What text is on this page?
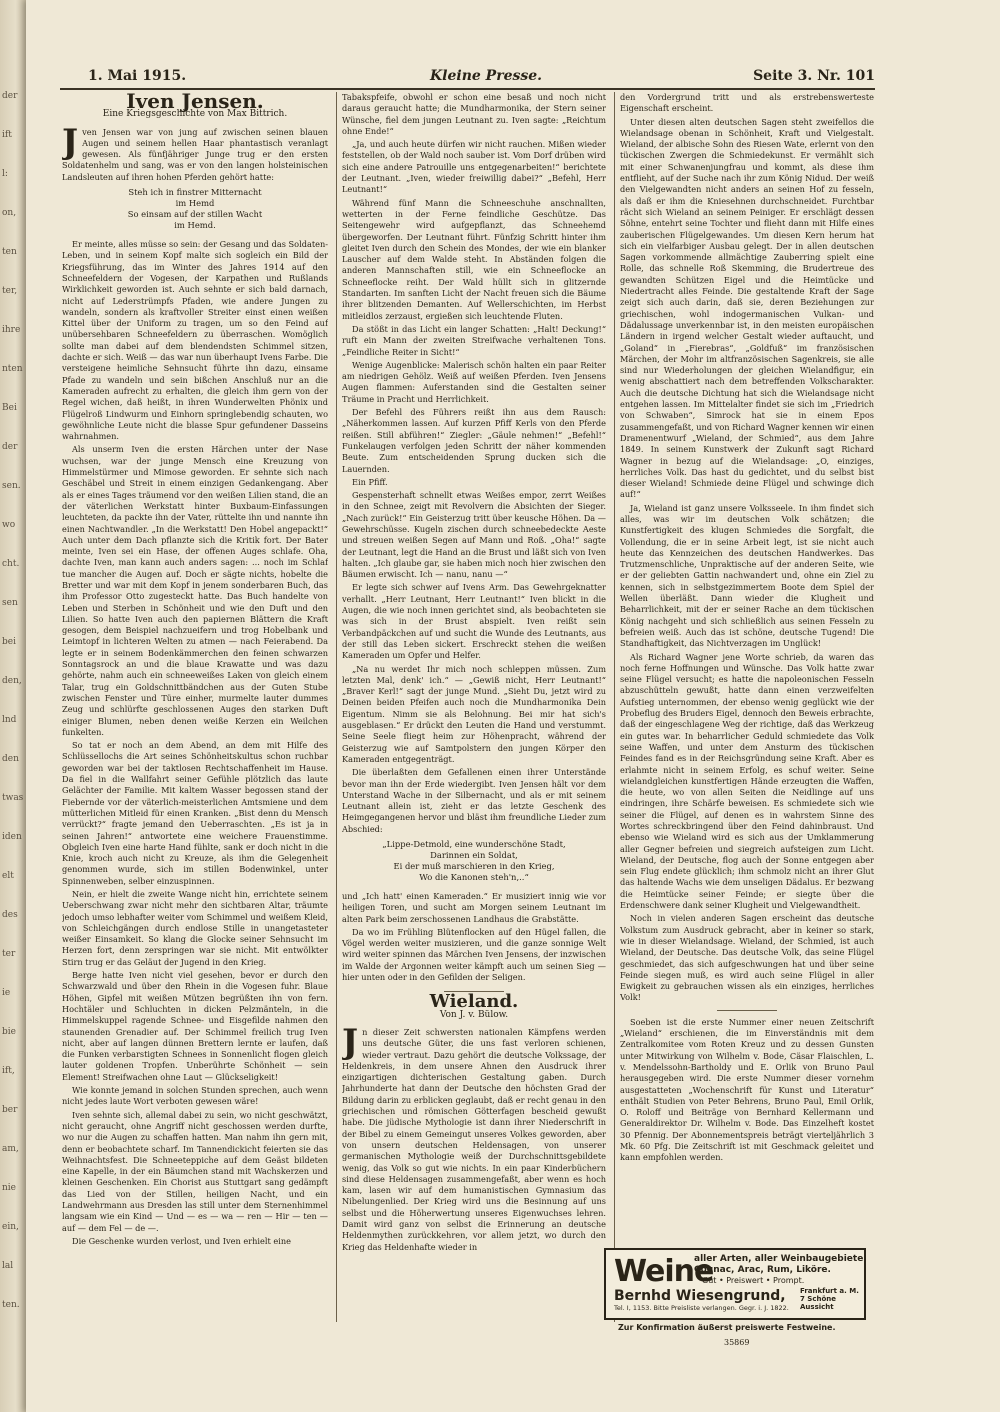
der
ift
l:
on,
ten
ter,
ihre
nten
Bei
der
sen.
wo
cht.
sen
bei
den,
lnd
den
twas
iden
elt
des
ter
ie
bie
ift,
ber
am,
nie
ein,
lal
ten.
1. Mai 1915.	Kleine Presse.	Seite 3. Nr. 101
Iven Jensen.
Eine Kriegsgeschichte von Max Bittrich.

Jven Jensen war von jung auf zwischen seinen blauen Augen und seinem hellen Haar phantastisch veranlagt gewesen. Als fünfjähriger Junge trug er den ersten Soldatenhelm und sang, was er von den langen holsteinischen Landsleuten auf ihren hohen Pferden gehört hatte:

Steh ich in finstrer Mitternacht
im Hemd
So einsam auf der stillen Wacht
im Hemd.

Er meinte, alles müsse so sein: der Gesang und das Soldaten-Leben, und in seinem Kopf malte sich sogleich ein Bild der Kriegsführung, das im Winter des Jahres 1914 auf den Schneefeldern der Vogesen, der Karpathen und Rußlands Wirklichkeit geworden ist. Auch sehnte er sich bald darnach, nicht auf Lederstrümpfs Pfaden, wie andere Jungen zu wandeln, sondern als kraftvoller Streiter einst einen weißen Kittel über der Uniform zu tragen, um so den Feind auf unübersehbaren Schneefeldern zu überraschen. Womöglich sollte man dabei auf dem blendendsten Schimmel sitzen, dachte er sich. Weiß — das war nun überhaupt Ivens Farbe. Die versteigene heimliche Sehnsucht führte ihn dazu, einsame Pfade zu wandeln und sein bißchen Anschluß nur an die Kameraden aufrecht zu erhalten, die gleich ihm gern von der Regel wichen, daß heißt, in ihren Wunderwelten Phönix und Flügelroß Lindwurm und Einhorn springlebendig schauten, wo gewöhnliche Leute nicht die blasse Spur gefundener Dasseins wahrnahmen.

Als unserm Iven die ersten Härchen unter der Nase wuchsen, war der junge Mensch eine Kreuzung von Himmelstürmer und Mimose geworden. Er sehnte sich nach Geschäbel und Streit in einem einzigen Gedankengang. Aber als er eines Tages träumend vor den weißen Lilien stand, die an der väterlichen Werkstatt hinter Buxbaum-Einfassungen leuchteten, da packte ihn der Vater, rüttelte ihn und nannte ihn einen Nachtwandler. „In die Werkstatt! Den Hobel angepackt!“ Auch unter dem Dach pflanzte sich die Kritik fort. Der Bater meinte, Iven sei ein Hase, der offenen Auges schlafe. Oha, dachte Iven, man kann auch anders sagen: ... noch im Schlaf tue mancher die Augen auf. Doch er sägte nichts, hobelte die Bretter und war mit dem Kopf in jenem sonderbaren Buch, das ihm Professor Otto zugesteckt hatte. Das Buch handelte von Leben und Sterben in Schönheit und wie den Duft und den Lilien. So hatte Iven auch den papiernen Blättern die Kraft gesogen, dem Beispiel nachzueifern und trog Hobelbank und Leimtopf in lichteren Welten zu atmen — nach Feierabend. Da legte er in seinem Bodenkämmerchen den feinen schwarzen Sonntagsrock an und die blaue Krawatte und was dazu gehörte, nahm auch ein schneeweißes Laken von gleich einem Talar, trug ein Goldschnittbändchen aus der Guten Stube zwischen Fenster und Türe einher, murmelte lauter dummes Zeug und schlürfte geschlossenen Auges den starken Duft einiger Blumen, neben denen weiße Kerzen ein Weilchen funkelten.

So tat er noch an dem Abend, an dem mit Hilfe des Schlüssellochs die Art seines Schönheitskultus schon ruchbar geworden war bei der taktlosen Rechtschaffenheit im Hause. Da fiel in die Wallfahrt seiner Gefühle plötzlich das laute Gelächter der Familie. Mit kaltem Wasser begossen stand der Fiebernde vor der väterlich-meisterlichen Amtsmiene und dem mütterlichen Mitleid für einen Kranken. „Bist denn du Mensch verrückt?“ fragte jemand den Ueberraschten. „Es ist ja in seinen Jahren!“ antwortete eine weichere Frauenstimme. Obgleich Iven eine harte Hand fühlte, sank er doch nicht in die Knie, kroch auch nicht zu Kreuze, als ihm die Gelegenheit genommen wurde, sich im stillen Bodenwinkel, unter Spinnenweben, selber einzuspinnen.

Nein, er hielt die zweite Wange nicht hin, errichtete seinem Ueberschwang zwar nicht mehr den sichtbaren Altar, träumte jedoch umso lebhafter weiter vom Schimmel und weißem Kleid, von Schleichgängen durch endlose Stille in unangetasteter weißer Einsamkeit. So klang die Glocke seiner Sehnsucht im Herzen fort, denn zerspringen war sie nicht. Mit entwölkter Stirn trug er das Geläut der Jugend in den Krieg.

Berge hatte Iven nicht viel gesehen, bevor er durch den Schwarzwald und über den Rhein in die Vogesen fuhr. Blaue Höhen, Gipfel mit weißen Mützen begrüßten ihn von fern. Hochtäler und Schluchten in dicken Pelzmänteln, in die Himmelskuppel ragende Schnee- und Eisgefilde nahmen den staunenden Grenadier auf. Der Schimmel freilich trug Iven nicht, aber auf langen dünnen Brettern lernte er laufen, daß die Funken verbarstigten Schnees in Sonnenlicht flogen gleich lauter goldenen Tropfen. Unberührte Schönheit — sein Element! Streifwachen ohne Laut — Glückseligkeit!

Wie konnte jemand in solchen Stunden sprechen, auch wenn nicht jedes laute Wort verboten gewesen wäre!

Iven sehnte sich, allemal dabei zu sein, wo nicht geschwätzt, nicht geraucht, ohne Angriff nicht geschossen werden durfte, wo nur die Augen zu schaffen hatten. Man nahm ihn gern mit, denn er beobachtete scharf. Im Tannendickicht feierten sie das Weihnachtsfest. Die Schneeteppiche auf dem Geäst bildeten eine Kapelle, in der ein Bäumchen stand mit Wachskerzen und kleinen Geschenken. Ein Chorist aus Stuttgart sang gedämpft das Lied von der Stillen, heiligen Nacht, und ein Landwehrmann aus Dresden las still unter dem Sternenhimmel langsam wie ein Kind — Und — es — wa — ren — Hir — ten — auf — dem Fel — de —.

Die Geschenke wurden verlost, und Iven erhielt eine

Tabakspfeife, obwohl er schon eine besaß und noch nicht daraus geraucht hatte; die Mundharmonika, der Stern seiner Wünsche, fiel dem jungen Leutnant zu. Iven sagte: „Reichtum ohne Ende!“

„Ja, und auch heute dürfen wir nicht rauchen. Mißen wieder feststellen, ob der Wald noch sauber ist. Vom Dorf drüben wird sich eine andere Patrouille uns entgegenarbeiten!“ berichtete der Leutnant. „Iven, wieder freiwillig dabei?“ „Befehl, Herr Leutnant!“

Während fünf Mann die Schneeschuhe anschnallten, wetterten in der Ferne feindliche Geschütze. Das Seitengewehr wird aufgepflanzt, das Schneehemd übergeworfen. Der Leutnant führt. Fünfzig Schritt hinter ihm gleitet Iven durch den Schein des Mondes, der wie ein blanker Lauscher auf dem Walde steht. In Abständen folgen die anderen Mannschaften still, wie ein Schneeflocke an Schneeflocke reiht. Der Wald hüllt sich in glitzernde Standarten. Im sanften Licht der Nacht freuen sich die Bäume ihrer blitzenden Demanten. Auf Wellerschichten, im Herbst mitleidlos zerzaust, ergießen sich leuchtende Fluten.

Da stößt in das Licht ein langer Schatten: „Halt! Deckung!“ ruft ein Mann der zweiten Streifwache verhaltenen Tons. „Feindliche Reiter in Sicht!“

Wenige Augenblicke: Malerisch schön halten ein paar Reiter am niedrigen Gehölz. Weiß auf weißen Pferden. Iven Jensens Augen flammen: Auferstanden sind die Gestalten seiner Träume in Pracht und Herrlichkeit.

Der Befehl des Führers reißt ihn aus dem Rausch: „Näherkommen lassen. Auf kurzen Pfiff Kerls von den Pferde reißen. Still abführen!“ Ziegler: „Gäule nehmen!“ „Befehl!“ Funkelaugen verfolgen jeden Schritt der näher kommenden Beute. Zum entscheidenden Sprung ducken sich die Lauernden.

Ein Pfiff.

Gespensterhaft schnellt etwas Weißes empor, zerrt Weißes in den Schnee, zeigt mit Revolvern die Absichten der Sieger. „Nach zurück!“ Ein Geisterzug tritt über keusche Höhen. Da — Gewehrschüsse. Kugeln zischen durch schneebedeckte Aeste und streuen weißen Segen auf Mann und Roß. „Oha!“ sagte der Leutnant, legt die Hand an die Brust und läßt sich von Iven halten. „Ich glaube gar, sie haben mich noch hier zwischen den Bäumen erwischt. Ich — nanu, nanu —“

Er legte sich schwer auf Ivens Arm. Das Gewehrgeknatter verhallt. „Herr Leutnant, Herr Leutnant!“ Iven blickt in die Augen, die wie noch innen gerichtet sind, als beobachteten sie was sich in der Brust abspielt. Iven reißt sein Verbandpäckchen auf und sucht die Wunde des Leutnants, aus der still das Leben sickert. Erschreckt stehen die weißen Kameraden um Opfer und Helfer.

„Na nu werdet Ihr mich noch schleppen müssen. Zum letzten Mal, denk' ich.“ — „Gewiß nicht, Herr Leutnant!“ „Braver Kerl!“ sagt der junge Mund. „Sieht Du, jetzt wird zu Deinen beiden Pfeifen auch noch die Mundharmonika Dein Eigentum. Nimm sie als Belohnung. Bei mir hat sich's ausgeblasen.“ Er drückt den Leuten die Hand und verstummt. Seine Seele fliegt heim zur Höhenpracht, während der Geisterzug wie auf Samtpolstern den jungen Körper den Kameraden entgegenträgt.

Die überlaßten dem Gefallenen einen ihrer Unterstände bevor man ihn der Erde wiedergibt. Iven Jensen hält vor dem Unterstand Wache in der Silbernacht, und als er mit seinem Leutnant allein ist, zieht er das letzte Geschenk des Heimgegangenen hervor und bläst ihm freundliche Lieder zum Abschied:

„Lippe-Detmold, eine wunderschöne Stadt,
Darinnen ein Soldat,
Ei der muß marschieren in den Krieg,
Wo die Kanonen steh'n,..“

und „Ich hatt' einen Kameraden.“ Er musiziert innig wie vor heiligen Toren, und sucht am Morgen seinem Leutnant im alten Park beim zerschossenen Landhaus die Grabstätte.

Da wo im Frühling Blütenflocken auf den Hügel fallen, die Vögel werden weiter musizieren, und die ganze sonnige Welt wird weiter spinnen das Märchen Iven Jensens, der inzwischen im Walde der Argonnen weiter kämpft auch um seinen Sieg — hier unten oder in den Gefilden der Seligen.

Wieland.
Von J. v. Bülow.

Jn dieser Zeit schwersten nationalen Kämpfens werden uns deutsche Güter, die uns fast verloren schienen, wieder vertraut. Dazu gehört die deutsche Volkssage, der Heldenkreis, in dem unsere Ahnen den Ausdruck ihrer einzigartigen dichterischen Gestaltung gaben. Durch Jahrhunderte hat dann der Deutsche den höchsten Grad der Bildung darin zu erblicken geglaubt, daß er recht genau in den griechischen und römischen Götterfagen bescheid gewußt habe. Die jüdische Mythologie ist dann ihrer Niederschrift in der Bibel zu einem Gemeingut unseres Volkes geworden, aber von unsern deutschen Heldensagen, von unserer germanischen Mythologie weiß der Durchschnittsgebildete wenig, das Volk so gut wie nichts. In ein paar Kinderbüchern sind diese Heldensagen zusammengefaßt, aber wenn es hoch kam, lasen wir auf dem humanistischen Gymnasium das Nibelungenlied. Der Krieg wird uns die Besinnung auf uns selbst und die Höherwertung unseres Eigenwuchses lehren. Damit wird ganz von selbst die Erinnerung an deutsche Heldenmythen zurückkehren, vor allem jetzt, wo durch den Krieg das Heldenhafte wieder in

den Vordergrund tritt und als erstrebenswerteste Eigenschaft erscheint.

Unter diesen alten deutschen Sagen steht zweifellos die Wielandsage obenan in Schönheit, Kraft und Vielgestalt. Wieland, der albische Sohn des Riesen Wate, erlernt von den tückischen Zwergen die Schmiedekunst. Er vermählt sich mit einer Schwanenjungfrau und kommt, als diese ihm entflieht, auf der Suche nach ihr zum König Nidud. Der weiß den Vielgewandten nicht anders an seinen Hof zu fesseln, als daß er ihm die Kniesehnen durchschneidet. Furchtbar rächt sich Wieland an seinem Peiniger. Er erschlägt dessen Söhne, entehrt seine Tochter und flieht dann mit Hilfe eines zauberischen Flügelgewandes. Um diesen Kern herum hat sich ein vielfarbiger Ausbau gelegt. Der in allen deutschen Sagen vorkommende allmächtige Zauberring spielt eine Rolle, das schnelle Roß Skemming, die Brudertreue des gewandten Schützen Eigel und die Heimtücke und Niedertracht alles Feinde. Die gestaltende Kraft der Sage zeigt sich auch darin, daß sie, deren Beziehungen zur griechischen, wohl indogermanischen Vulkan- und Dädalussage unverkennbar ist, in den meisten europäischen Ländern in irgend welcher Gestalt wieder auftaucht, und „Goland“ in „Fierebras“, „Goldfuß“ im französischen Märchen, der Mohr im altfranzösischen Sagenkreis, sie alle sind nur Wiederholungen der gleichen Wielandfigur, ein wenig abschattiert nach dem betreffenden Volkscharakter. Auch die deutsche Dichtung hat sich die Wielandsage nicht entgehen lassen. Im Mittelalter findet sie sich im „Friedrich von Schwaben“, Simrock hat sie in einem Epos zusammengefaßt, und von Richard Wagner kennen wir einen Dramenentwurf „Wieland, der Schmied“, aus dem Jahre 1849. In seinem Kunstwerk der Zukunft sagt Richard Wagner in bezug auf die Wielandsage: „O, einziges, herrliches Volk. Das hast du gedichtet, und du selbst bist dieser Wieland! Schmiede deine Flügel und schwinge dich auf!“

Ja, Wieland ist ganz unsere Volksseele. In ihm findet sich alles, was wir im deutschen Volk schätzen; die Kunstfertigkeit des klugen Schmiedes die Sorgfalt, die Vollendung, die er in seine Arbeit legt, ist sie nicht auch heute das Kennzeichen des deutschen Handwerkes. Das Trutzmenschliche, Unpraktische auf der anderen Seite, wie er der geliebten Gattin nachwandert und, ohne ein Ziel zu kennen, sich in selbstgezimmertem Boote dem Spiel der Wellen überläßt. Dann wieder die Klugheit und Beharrlichkeit, mit der er seiner Rache an dem tückischen König nachgeht und sich schließlich aus seinen Fesseln zu befreien weiß. Auch das ist schöne, deutsche Tugend! Die Standhaftigkeit, das Nichtverzagen im Unglück!

Als Richard Wagner jene Worte schrieb, da waren das noch ferne Hoffnungen und Wünsche. Das Volk hatte zwar seine Flügel versucht; es hatte die napoleonischen Fesseln abzuschütteln gewußt, hatte dann einen verzweifelten Aufstieg unternommen, der ebenso wenig geglückt wie der Probeflug des Bruders Eigel, dennoch den Beweis erbrachte, daß der eingeschlagene Weg der richtige, daß das Werkzeug ein gutes war. In beharrlicher Geduld schmiedete das Volk seine Waffen, und unter dem Ansturm des tückischen Feindes fand es in der Reichsgründung seine Kraft. Aber es erlahmte nicht in seinem Erfolg, es schuf weiter. Seine wielandgleichen kunstfertigen Hände erzeugten die Waffen, die heute, wo von allen Seiten die Neidlinge auf uns eindringen, ihre Schärfe beweisen. Es schmiedete sich wie seiner die Flügel, auf denen es in wahrstem Sinne des Wortes schreckbringend über den Feind dahinbraust. Und ebenso wie Wieland wird es sich aus der Umklammerung aller Gegner befreien und siegreich aufsteigen zum Licht. Wieland, der Deutsche, flog auch der Sonne entgegen aber sein Flug endete glücklich; ihm schmolz nicht an ihrer Glut das haltende Wachs wie dem unseligen Dädalus. Er bezwang die Heimtücke seiner Feinde; er siegte über die Erdenschwere dank seiner Klugheit und Vielgewandtheit.

Noch in vielen anderen Sagen erscheint das deutsche Volkstum zum Ausdruck gebracht, aber in keiner so stark, wie in dieser Wielandsage. Wieland, der Schmied, ist auch Wieland, der Deutsche. Das deutsche Volk, das seine Flügel geschmiedet, das sich aufgeschwungen hat und über seine Feinde siegen muß, es wird auch seine Flügel in aller Ewigkeit zu gebrauchen wissen als ein einziges, herrliches Volk!

Soeben ist die erste Nummer einer neuen Zeitschrift „Wieland“ erschienen, die im Einverständnis mit dem Zentralkomitee vom Roten Kreuz und zu dessen Gunsten unter Mitwirkung von Wilhelm v. Bode, Cäsar Flaischlen, L. v. Mendelssohn-Bartholdy und E. Orlik von Bruno Paul herausgegeben wird. Die erste Nummer dieser vornehm ausgestatteten „Wochenschrift für Kunst und Literatur“ enthält Studien von Peter Behrens, Bruno Paul, Emil Orlik, O. Roloff und Beiträge von Bernhard Kellermann und Generaldirektor Dr. Wilhelm v. Bode. Das Einzelheft kostet 30 Pfennig. Der Abonnementspreis beträgt vierteljährlich 3 Mk. 60 Pfg. Die Zeitschrift ist mit Geschmack geleitet und kann empfohlen werden.

Weine
aller Arten, aller Weinbaugebiete
Cognac, Arac, Rum, Liköre.
Gut • Preiswert • Prompt.
Bernhd Wiesengrund, Frankfurt a. M.
7 Schöne Aussicht
Tel. I, 1153. Bitte Preisliste verlangen. Gegr. i. J. 1822.
Zur Konfirmation äußerst preiswerte Festweine.
35869
